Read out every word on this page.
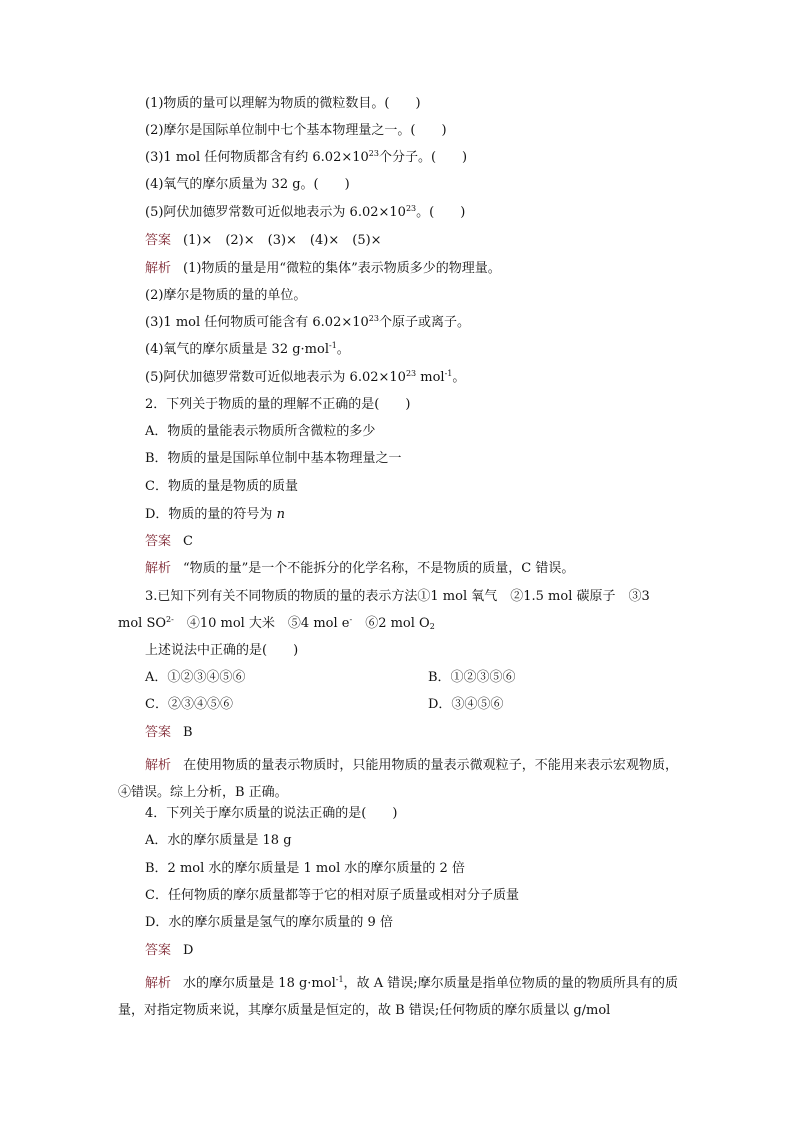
(1)物质的量可以理解为物质的微粒数目。(　　)
(2)摩尔是国际单位制中七个基本物理量之一。(　　)
(3)1 mol 任何物质都含有约 $6.02\times 10^{23}$个分子。(　　)
(4)氧气的摩尔质量为 32 g。(　　)
(5)阿伏加德罗常数可近似地表示为 $6.02\times 10^{23}$。(　　)
答案 (1)×　(2)×　(3)×　(4)×　(5)×
解析 (1)物质的量是用“微粒的集体”表示物质多少的物理量。
(2)摩尔是物质的量的单位。
(3)1 mol 任何物质可能含有 $6.02\times 10^{23}$个原子或离子。
(4)氧气的摩尔质量是 32 g·mol$^{-1}$。
(5)阿伏加德罗常数可近似地表示为 $6.02\times 10^{23}$ mol$^{-1}$。
2．下列关于物质的量的理解不正确的是(　　)
A．物质的量能表示物质所含微粒的多少
B．物质的量是国际单位制中基本物理量之一
C．物质的量是物质的质量
D．物质的量的符号为 n
答案 C
解析 “物质的量”是一个不能拆分的化学名称，不是物质的质量，C 错误。
3.已知下列有关不同物质的物质的量的表示方法①1 mol 氧气　②1.5 mol 碳原子　③3
mol $SO^{2-}$　④10 mol 大米　⑤4 mol e-　⑥2 mol $O_2$
上述说法中正确的是(　　)
A．①②③④⑤⑥	B．①②③⑤⑥
C．②③④⑤⑥	D．③④⑤⑥
答案 B
解析 在使用物质的量表示物质时，只能用物质的量表示微观粒子，不能用来表示宏观物质，④错误。综上分析，B 正确。
4．下列关于摩尔质量的说法正确的是(　　)
A．水的摩尔质量是 18 g
B．2 mol 水的摩尔质量是 1 mol 水的摩尔质量的 2 倍
C．任何物质的摩尔质量都等于它的相对原子质量或相对分子质量
D．水的摩尔质量是氢气的摩尔质量的 9 倍
答案 D
解析 水的摩尔质量是 18 g·mol$^{-1}$，故 A 错误;摩尔质量是指单位物质的量的物质所具有的质量，对指定物质来说，其摩尔质量是恒定的，故 B 错误;任何物质的摩尔质量以 g/mol
